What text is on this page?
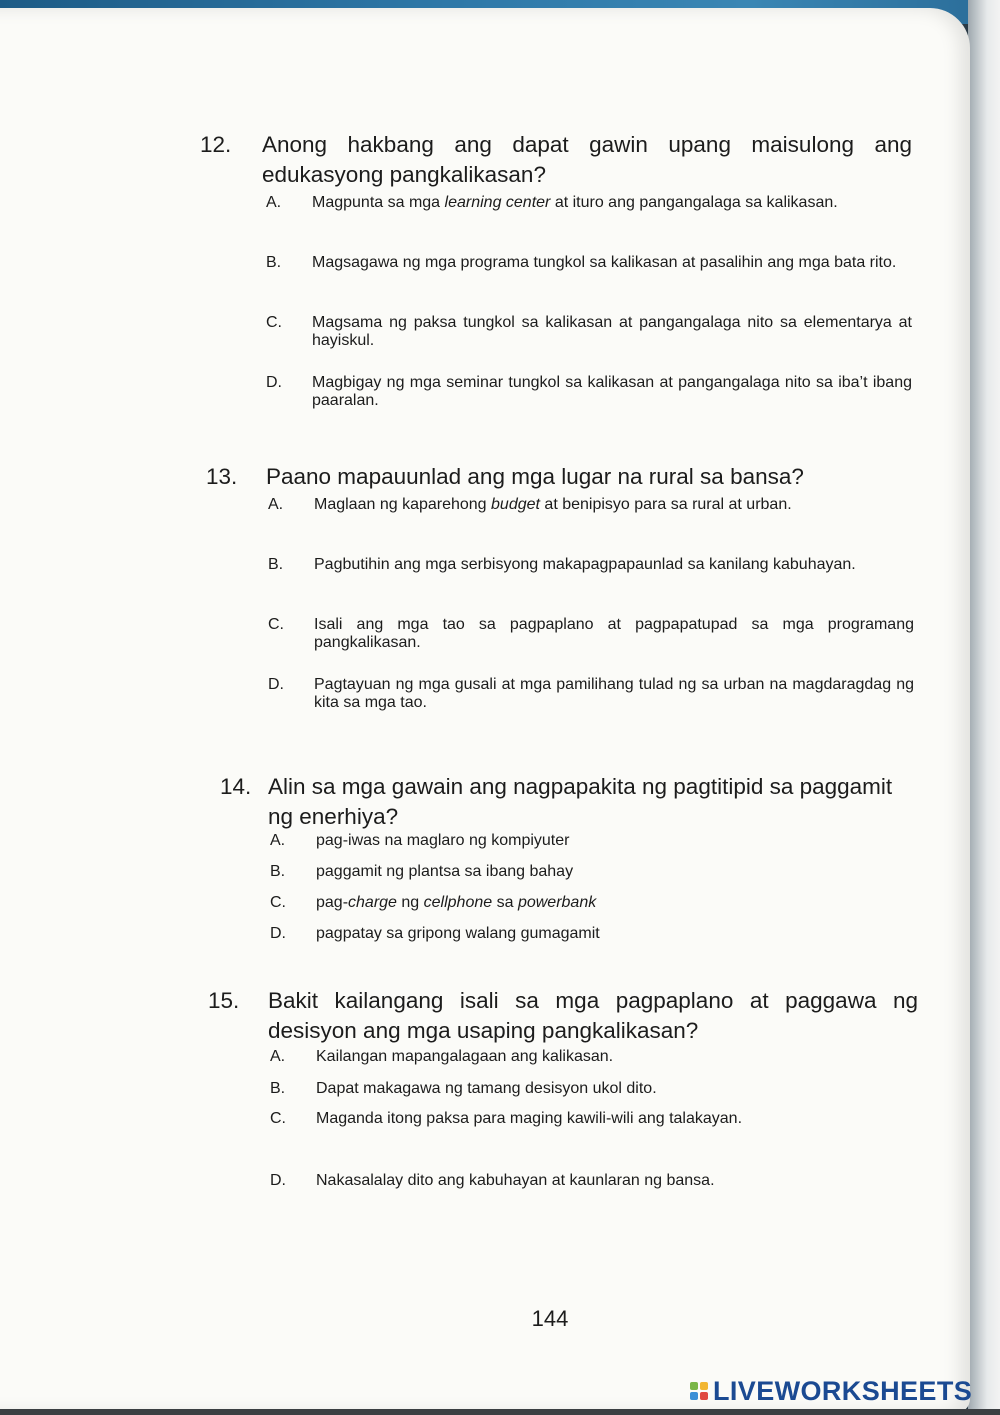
12.	Anong hakbang ang dapat gawin upang maisulong ang edukasyong pangkalikasan?
A.	Magpunta sa mga learning center at ituro ang pangangalaga sa kalikasan.
B.	Magsagawa ng mga programa tungkol sa kalikasan at pasalihin ang mga bata rito.
C.	Magsama ng paksa tungkol sa kalikasan at pangangalaga nito sa elementarya at hayiskul.
D.	Magbigay ng mga seminar tungkol sa kalikasan at pangangalaga nito sa iba’t ibang paaralan.
13.	Paano mapauunlad ang mga lugar na rural sa bansa?
A.	Maglaan ng kaparehong budget at benipisyo para sa rural at urban.
B.	Pagbutihin ang mga serbisyong makapagpapaunlad sa kanilang kabuhayan.
C.	Isali ang mga tao sa pagpaplano at pagpapatupad sa mga programang pangkalikasan.
D.	Pagtayuan ng mga gusali at mga pamilihang tulad ng sa urban na magdaragdag ng kita sa mga tao.
14. Alin sa mga gawain ang nagpapakita ng pagtitipid sa paggamit ng enerhiya?
A.	pag-iwas na maglaro ng kompiyuter
B.	paggamit ng plantsa sa ibang bahay
C.	pag-charge ng cellphone sa powerbank
D.	pagpatay sa gripong walang gumagamit
15.	Bakit kailangang isali sa mga pagpaplano at paggawa ng desisyon ang mga usaping pangkalikasan?
A.	Kailangan mapangalagaan ang kalikasan.
B.	Dapat makagawa ng tamang desisyon ukol dito.
C.	Maganda itong paksa para maging kawili-wili ang talakayan.
D.	Nakasalalay dito ang kabuhayan at kaunlaran ng bansa.
144
LIVEWORKSHEETS
